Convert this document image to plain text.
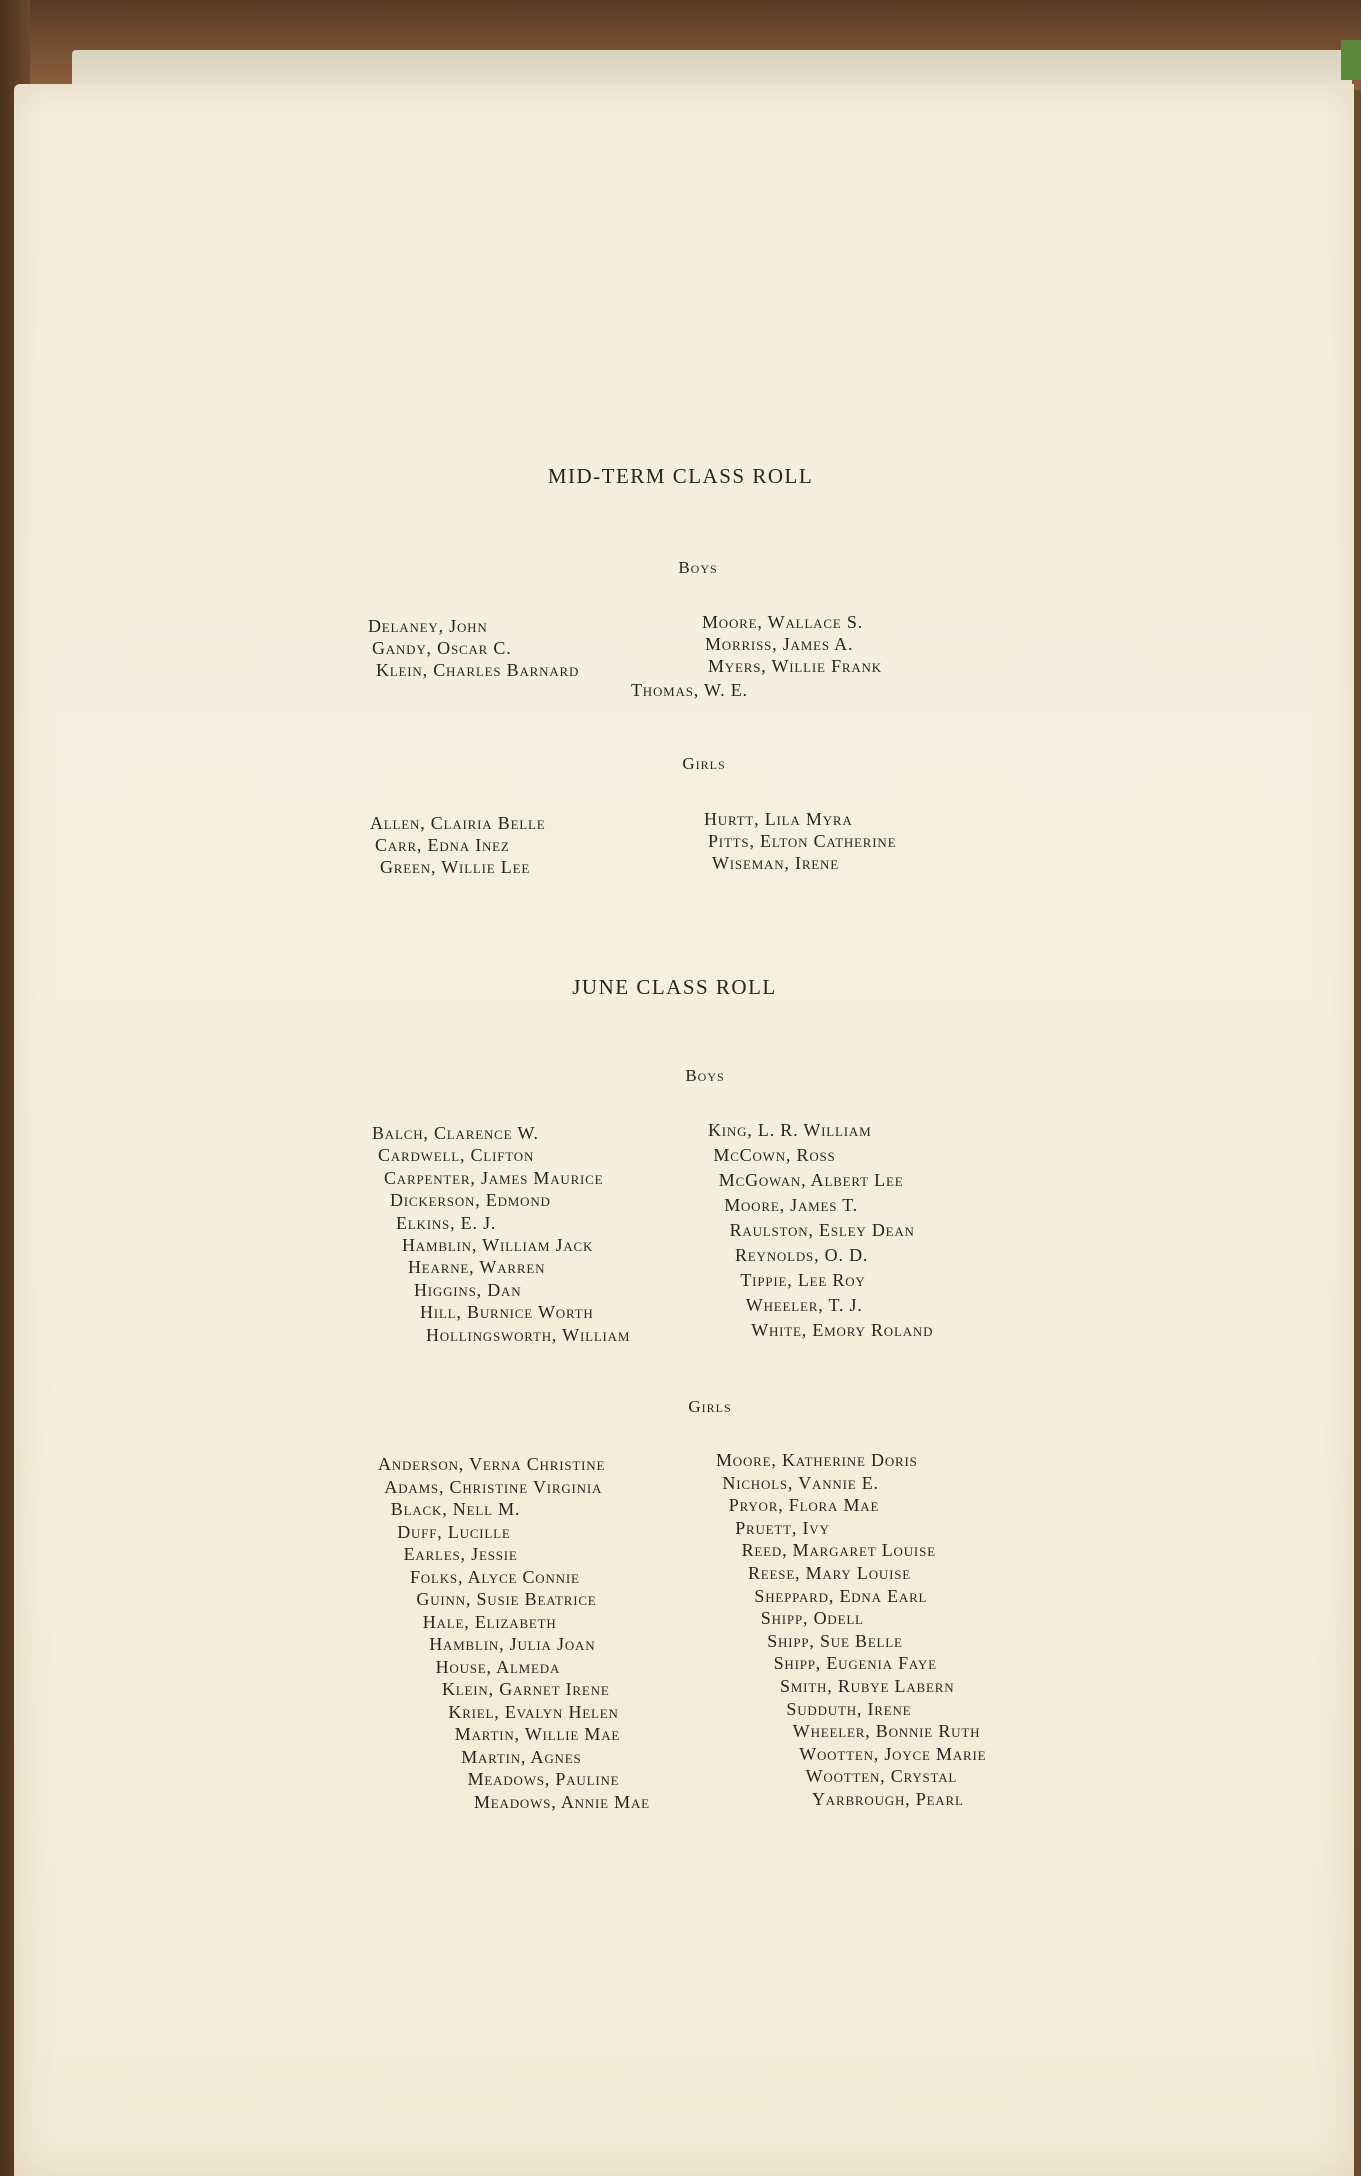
MID-TERM CLASS ROLL
Boys
Delaney, John
Gandy, Oscar C.
Klein, Charles Barnard
Moore, Wallace S.
Morriss, James A.
Myers, Willie Frank
Thomas, W. E.
Girls
Allen, Clairia Belle
Carr, Edna Inez
Green, Willie Lee
Hurtt, Lila Myra
Pitts, Elton Catherine
Wiseman, Irene
JUNE CLASS ROLL
Boys
Balch, Clarence W.
Cardwell, Clifton
Carpenter, James Maurice
Dickerson, Edmond
Elkins, E. J.
Hamblin, William Jack
Hearne, Warren
Higgins, Dan
Hill, Burnice Worth
Hollingsworth, William
King, L. R. William
McCown, Ross
McGowan, Albert Lee
Moore, James T.
Raulston, Esley Dean
Reynolds, O. D.
Tippie, Lee Roy
Wheeler, T. J.
White, Emory Roland
Girls
Anderson, Verna Christine
Adams, Christine Virginia
Black, Nell M.
Duff, Lucille
Earles, Jessie
Folks, Alyce Connie
Guinn, Susie Beatrice
Hale, Elizabeth
Hamblin, Julia Joan
House, Almeda
Klein, Garnet Irene
Kriel, Evalyn Helen
Martin, Willie Mae
Martin, Agnes
Meadows, Pauline
Meadows, Annie Mae
Moore, Katherine Doris
Nichols, Vannie E.
Pryor, Flora Mae
Pruett, Ivy
Reed, Margaret Louise
Reese, Mary Louise
Sheppard, Edna Earl
Shipp, Odell
Shipp, Sue Belle
Shipp, Eugenia Faye
Smith, Rubye Labern
Sudduth, Irene
Wheeler, Bonnie Ruth
Wootten, Joyce Marie
Wootten, Crystal
Yarbrough, Pearl
